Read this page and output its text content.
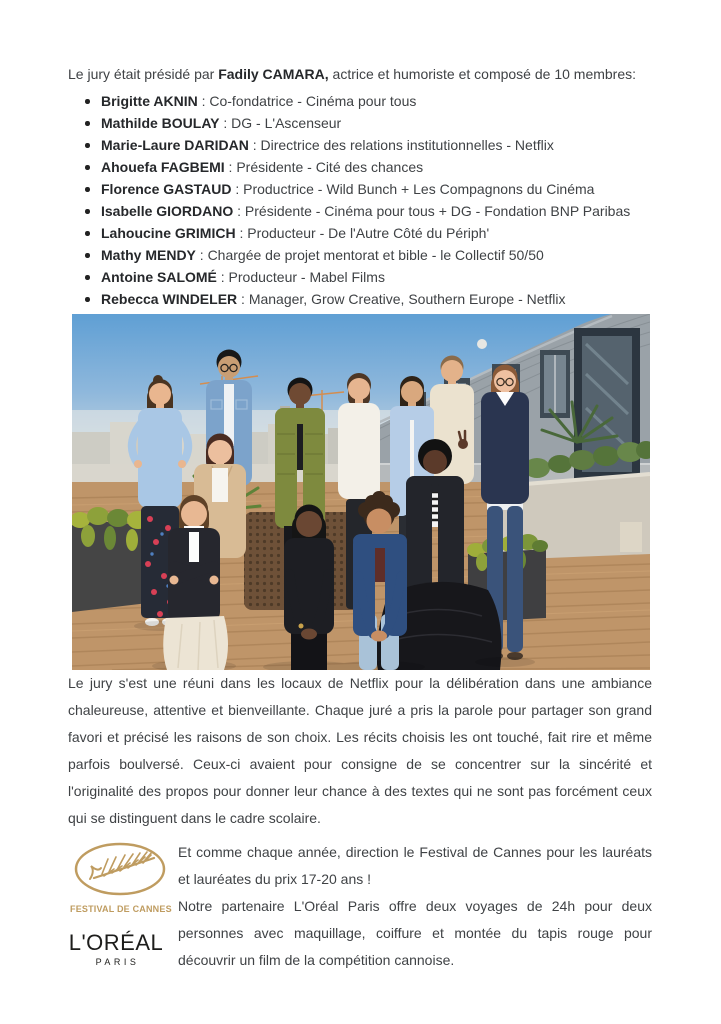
Le jury était présidé par Fadily CAMARA, actrice et humoriste et composé de 10 membres:

Brigitte AKNIN : Co-fondatrice - Cinéma pour tous
Mathilde BOULAY : DG - L'Ascenseur
Marie-Laure DARIDAN : Directrice des relations institutionnelles - Netflix
Ahouefa FAGBEMI : Présidente - Cité des chances
Florence GASTAUD : Productrice - Wild Bunch + Les Compagnons du Cinéma
Isabelle GIORDANO : Présidente - Cinéma pour tous + DG - Fondation BNP Paribas
Lahoucine GRIMICH : Producteur - De l'Autre Côté du Périph'
Mathy MENDY : Chargée de projet mentorat et bible - le Collectif 50/50
Antoine SALOMÉ : Producteur - Mabel Films
Rebecca WINDELER : Manager, Grow Creative, Southern Europe - Netflix

Le jury s'est une réuni dans les locaux de Netflix pour la délibération dans une ambiance chaleureuse, attentive et bienveillante. Chaque juré a pris la parole pour partager son grand favori et précisé les raisons de son choix. Les récits choisis les ont touché, fait rire et même parfois boulversé. Ceux-ci avaient pour consigne de se concentrer sur la sincérité et l'originalité des propos pour donner leur chance à des textes qui ne sont pas forcément ceux qui se distinguent dans le cadre scolaire.

FESTIVAL DE CANNES
L'ORÉAL
PARIS

Et comme chaque année, direction le Festival de Cannes pour les lauréats et lauréates du prix 17-20 ans !

Notre partenaire L'Oréal Paris offre deux voyages de 24h pour deux personnes avec maquillage, coiffure et montée du tapis rouge pour découvrir un film de la compétition cannoise.
